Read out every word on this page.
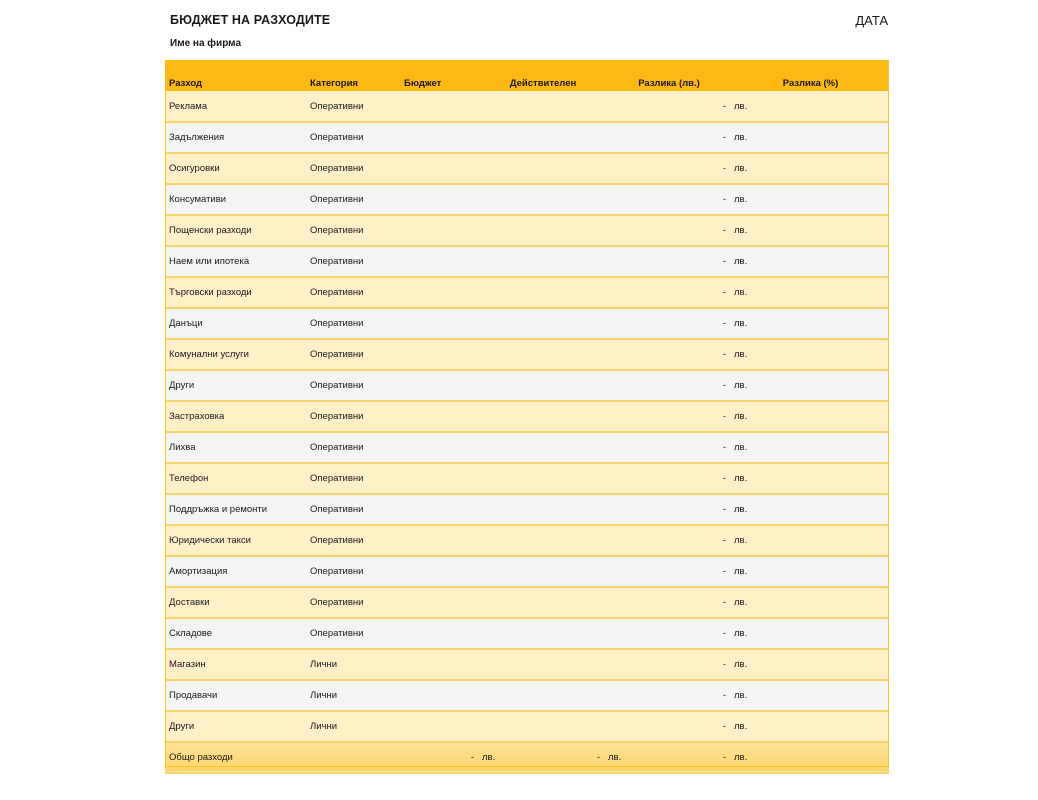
БЮДЖЕТ НА РАЗХОДИТЕ	ДАТА
Име на фирма
Разход	Категория	Бюджет	Действителен		Разлика (лв.)		Разлика (%)	
Реклама	Оперативни					-	лв.	
Задължения	Оперативни					-	лв.	
Осигуровки	Оперативни					-	лв.	
Консумативи	Оперативни					-	лв.	
Пощенски разходи	Оперативни					-	лв.	
Наем или ипотека	Оперативни					-	лв.	
Търговски разходи	Оперативни					-	лв.	
Данъци	Оперативни					-	лв.	
Комунални услуги	Оперативни					-	лв.	
Други	Оперативни					-	лв.	
Застраховка	Оперативни					-	лв.	
Лихва	Оперативни					-	лв.	
Телефон	Оперативни					-	лв.	
Поддръжка и ремонти	Оперативни					-	лв.	
Юридически такси	Оперативни					-	лв.	
Амортизация	Оперативни					-	лв.	
Доставки	Оперативни					-	лв.	
Складове	Оперативни					-	лв.	
Магазин	Лични					-	лв.	
Продавачи	Лични					-	лв.	
Други	Лични					-	лв.	
Общо разходи		-	лв.	-	лв.	-	лв.	
